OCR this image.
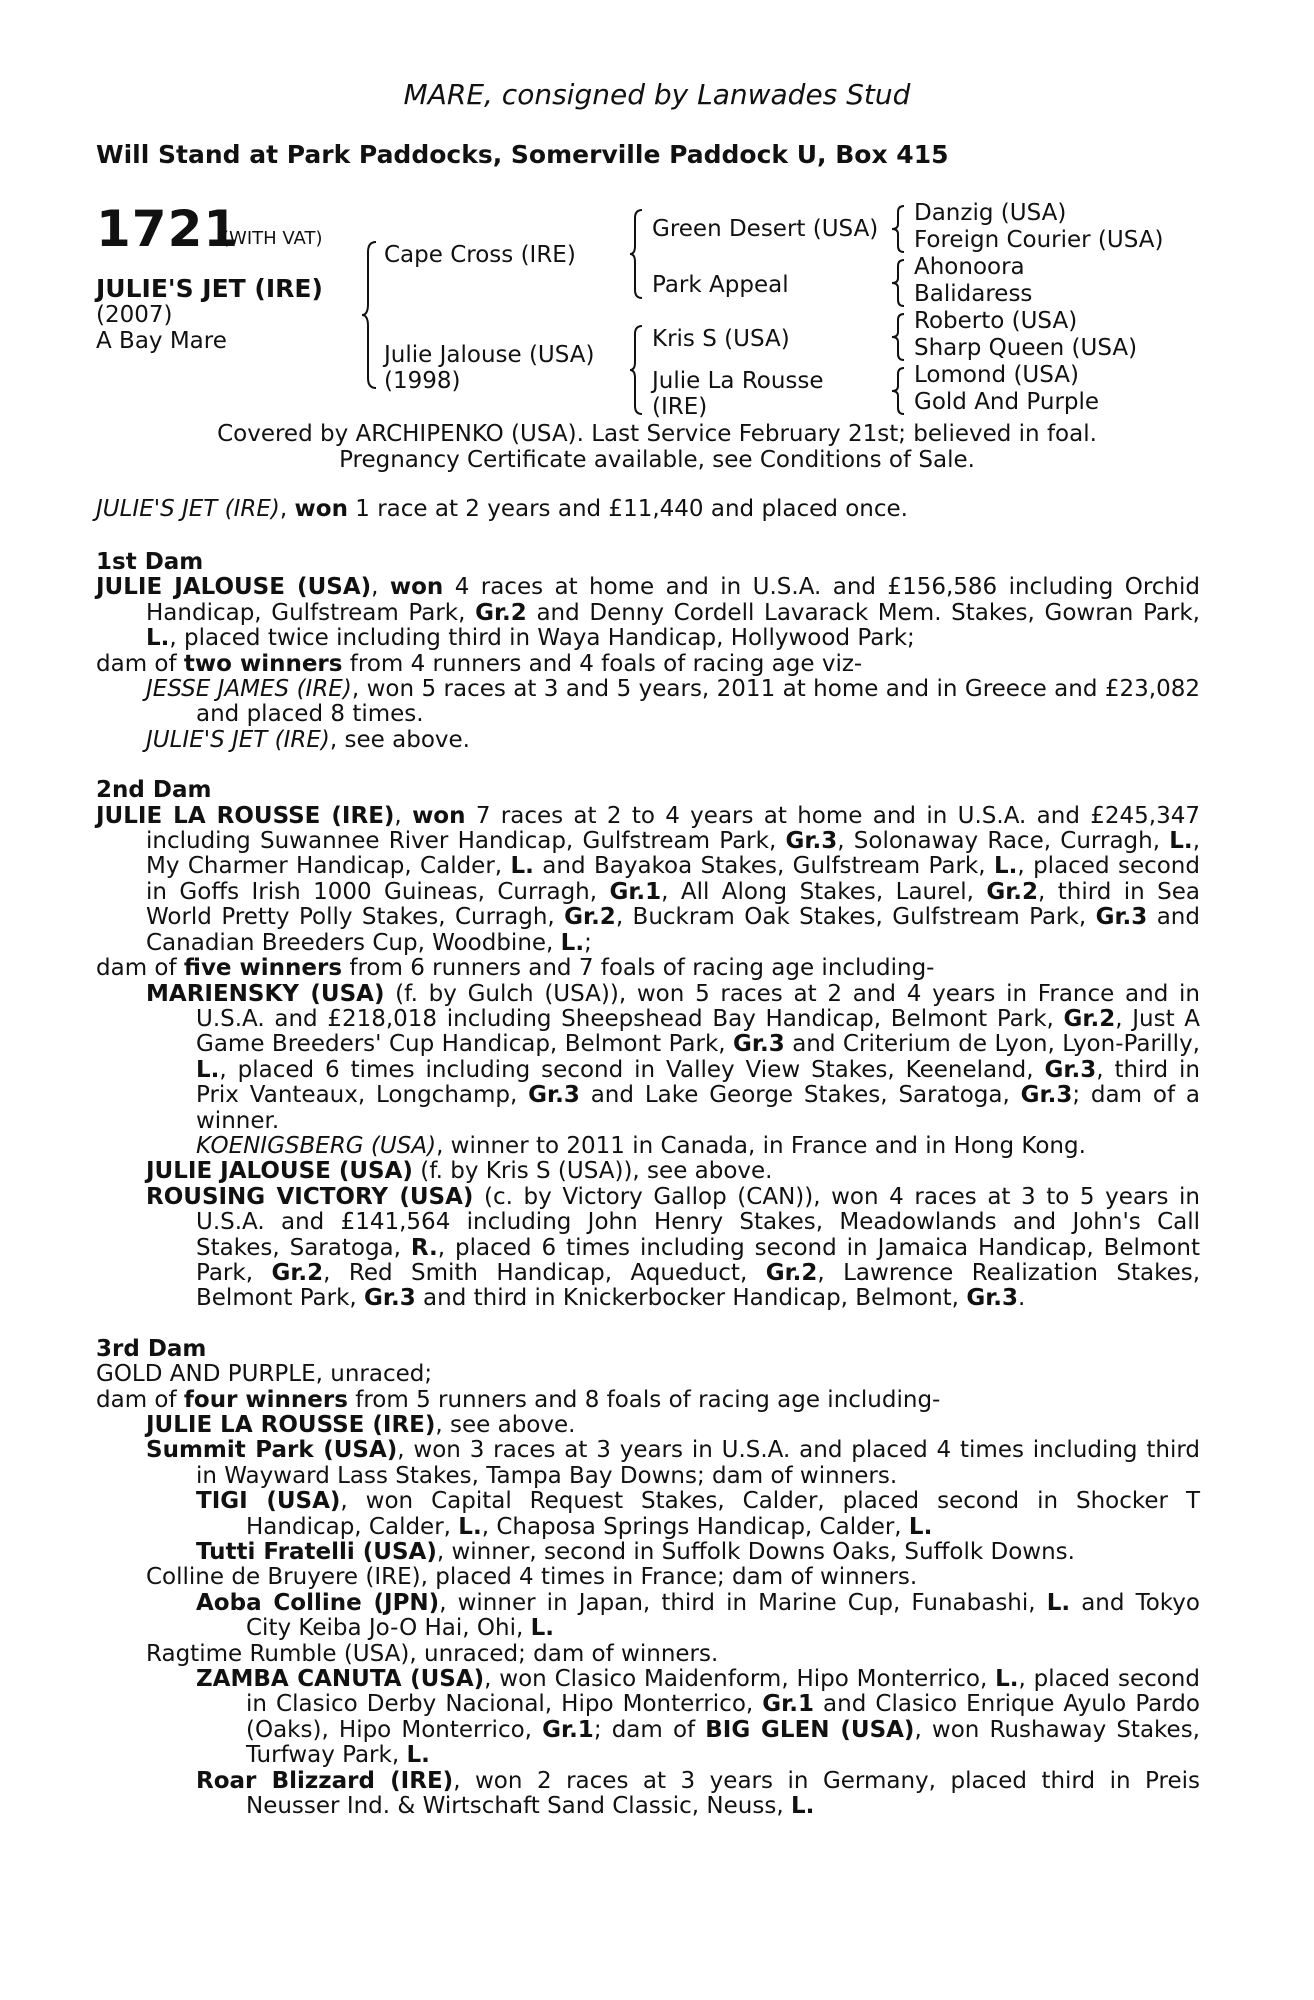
MARE, consigned by Lanwades Stud
Will Stand at Park Paddocks, Somerville Paddock U, Box 415
1721
(WITH VAT)
JULIE'S JET (IRE)
(2007)
A Bay Mare
Cape Cross (IRE)
Julie Jalouse (USA)
(1998)
Green Desert (USA)
Park Appeal
Kris S (USA)
Julie La Rousse
(IRE)
Danzig (USA)
Foreign Courier (USA)
Ahonoora
Balidaress
Roberto (USA)
Sharp Queen (USA)
Lomond (USA)
Gold And Purple
Covered by ARCHIPENKO (USA). Last Service February 21st; believed in foal.
Pregnancy Certificate available, see Conditions of Sale.
JULIE'S JET (IRE), won 1 race at 2 years and £11,440 and placed once.
1st Dam
JULIE JALOUSE (USA), won 4 races at home and in U.S.A. and £156,586 including Orchid Handicap, Gulfstream Park, Gr.2 and Denny Cordell Lavarack Mem. Stakes, Gowran Park, L., placed twice including third in Waya Handicap, Hollywood Park;
dam of two winners from 4 runners and 4 foals of racing age viz-
JESSE JAMES (IRE), won 5 races at 3 and 5 years, 2011 at home and in Greece and £23,082 and placed 8 times.
JULIE'S JET (IRE), see above.
2nd Dam
JULIE LA ROUSSE (IRE), won 7 races at 2 to 4 years at home and in U.S.A. and £245,347 including Suwannee River Handicap, Gulfstream Park, Gr.3, Solonaway Race, Curragh, L., My Charmer Handicap, Calder, L. and Bayakoa Stakes, Gulfstream Park, L., placed second in Goffs Irish 1000 Guineas, Curragh, Gr.1, All Along Stakes, Laurel, Gr.2, third in Sea World Pretty Polly Stakes, Curragh, Gr.2, Buckram Oak Stakes, Gulfstream Park, Gr.3 and Canadian Breeders Cup, Woodbine, L.;
dam of five winners from 6 runners and 7 foals of racing age including-
MARIENSKY (USA) (f. by Gulch (USA)), won 5 races at 2 and 4 years in France and in U.S.A. and £218,018 including Sheepshead Bay Handicap, Belmont Park, Gr.2, Just A Game Breeders' Cup Handicap, Belmont Park, Gr.3 and Criterium de Lyon, Lyon-Parilly, L., placed 6 times including second in Valley View Stakes, Keeneland, Gr.3, third in Prix Vanteaux, Longchamp, Gr.3 and Lake George Stakes, Saratoga, Gr.3; dam of a winner.
KOENIGSBERG (USA), winner to 2011 in Canada, in France and in Hong Kong.
JULIE JALOUSE (USA) (f. by Kris S (USA)), see above.
ROUSING VICTORY (USA) (c. by Victory Gallop (CAN)), won 4 races at 3 to 5 years in U.S.A. and £141,564 including John Henry Stakes, Meadowlands and John's Call Stakes, Saratoga, R., placed 6 times including second in Jamaica Handicap, Belmont Park, Gr.2, Red Smith Handicap, Aqueduct, Gr.2, Lawrence Realization Stakes, Belmont Park, Gr.3 and third in Knickerbocker Handicap, Belmont, Gr.3.
3rd Dam
GOLD AND PURPLE, unraced;
dam of four winners from 5 runners and 8 foals of racing age including-
JULIE LA ROUSSE (IRE), see above.
Summit Park (USA), won 3 races at 3 years in U.S.A. and placed 4 times including third in Wayward Lass Stakes, Tampa Bay Downs; dam of winners.
TIGI (USA), won Capital Request Stakes, Calder, placed second in Shocker T Handicap, Calder, L., Chaposa Springs Handicap, Calder, L.
Tutti Fratelli (USA), winner, second in Suffolk Downs Oaks, Suffolk Downs.
Colline de Bruyere (IRE), placed 4 times in France; dam of winners.
Aoba Colline (JPN), winner in Japan, third in Marine Cup, Funabashi, L. and Tokyo City Keiba Jo-O Hai, Ohi, L.
Ragtime Rumble (USA), unraced; dam of winners.
ZAMBA CANUTA (USA), won Clasico Maidenform, Hipo Monterrico, L., placed second in Clasico Derby Nacional, Hipo Monterrico, Gr.1 and Clasico Enrique Ayulo Pardo (Oaks), Hipo Monterrico, Gr.1; dam of BIG GLEN (USA), won Rushaway Stakes, Turfway Park, L.
Roar Blizzard (IRE), won 2 races at 3 years in Germany, placed third in Preis Neusser Ind. & Wirtschaft Sand Classic, Neuss, L.
